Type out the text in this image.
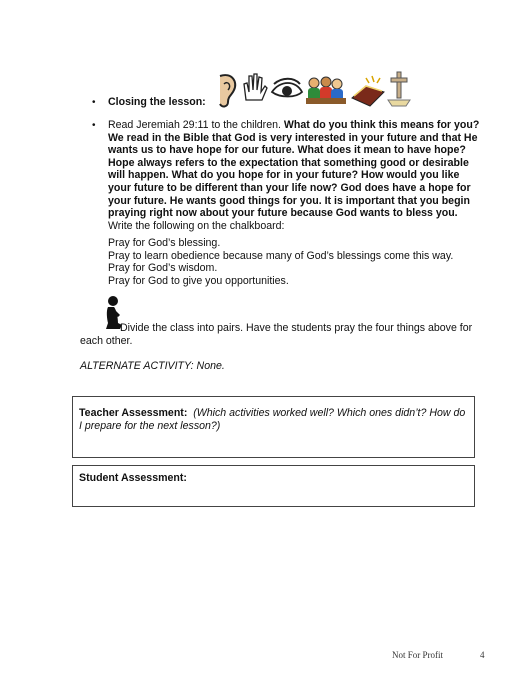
• Closing the lesson:
• Read Jeremiah 29:11 to the children. What do you think this means for you? We read in the Bible that God is very interested in your future and that He wants us to have hope for our future. What does it mean to have hope? Hope always refers to the expectation that something good or desirable will happen. What do you hope for in your future? How would you like your future to be different than your life now? God does have a hope for your future. He wants good things for you. It is important that you begin praying right now about your future because God wants to bless you. Write the following on the chalkboard:
Pray for God’s blessing.
Pray to learn obedience because many of God’s blessings come this way.
Pray for God’s wisdom.
Pray for God to give you opportunities.
Divide the class into pairs. Have the students pray the four things above for each other.
ALTERNATE ACTIVITY: None.
Teacher Assessment: (Which activities worked well? Which ones didn’t? How do I prepare for the next lesson?)
Student Assessment:
Not For Profit	4
